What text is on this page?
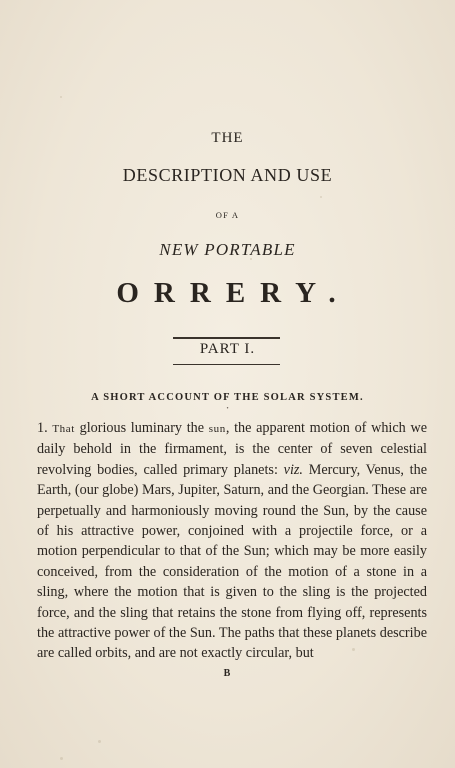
THE
DESCRIPTION AND USE
OF A
NEW PORTABLE
ORRERY.
PART I.
A SHORT ACCOUNT OF THE SOLAR SYSTEM.
•
1. That glorious luminary the sun, the apparent motion of which we daily behold in the firmament, is the center of seven celestial revolving bodies, called primary planets: viz. Mercury, Venus, the Earth, (our globe) Mars, Jupiter, Saturn, and the Georgian. These are perpetually and harmoniously moving round the Sun, by the cause of his attractive power, conjoined with a projectile force, or a motion perpendicular to that of the Sun; which may be more easily conceived, from the consideration of the motion of a stone in a sling, where the motion that is given to the sling is the projected force, and the sling that retains the stone from flying off, represents the attractive power of the Sun. The paths that these planets describe are called orbits, and are not exactly circular, but
B
